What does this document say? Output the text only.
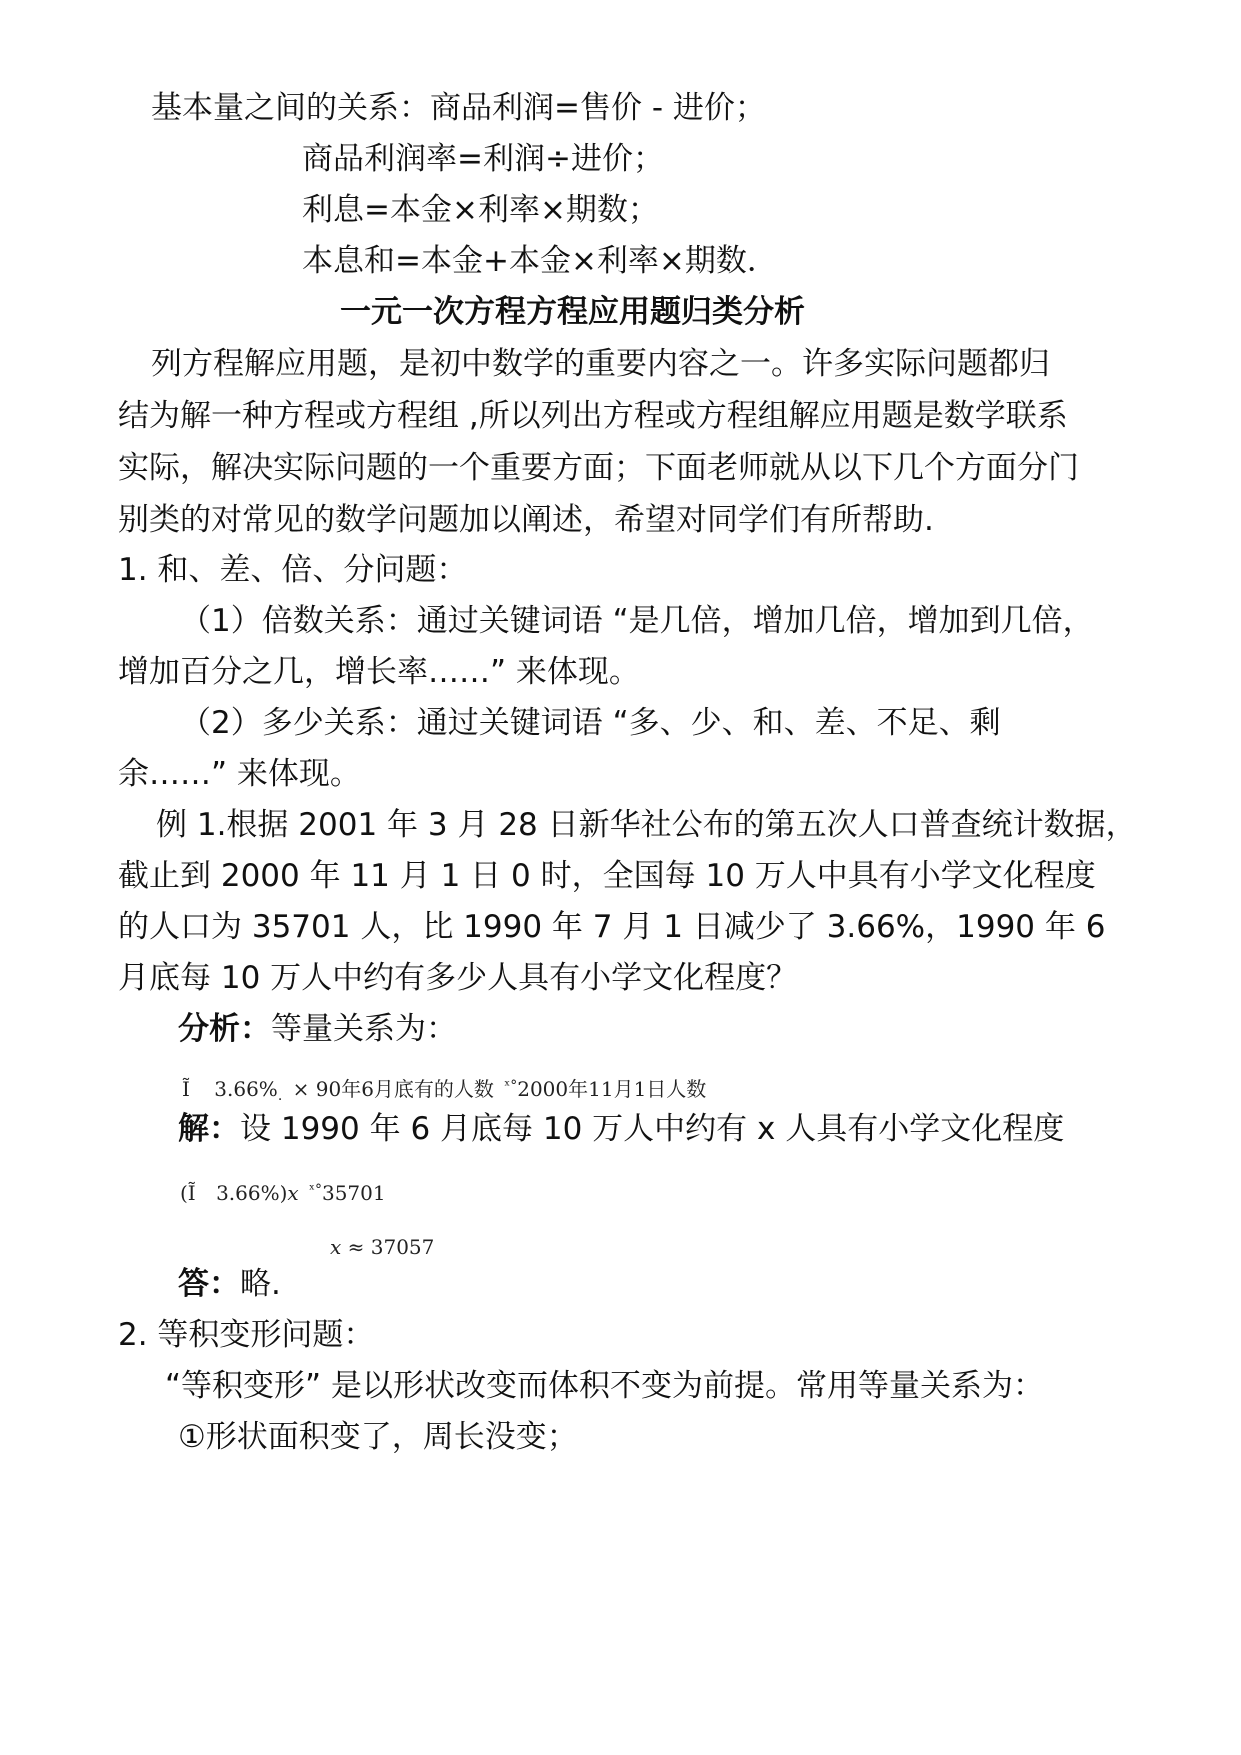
基本量之间的关系：商品利润=售价 - 进价；

商品利润率=利润÷进价；

利息=本金×利率×期数；

本息和=本金+本金×利率×期数．

一元一次方程方程应用题归类分析

列方程解应用题，是初中数学的重要内容之一。许多实际问题都归

结为解一种方程或方程组 ,所以列出方程或方程组解应用题是数学联系

实际，解决实际问题的一个重要方面；下面老师就从以下几个方面分门

别类的对常见的数学问题加以阐述，希望对同学们有所帮助.

1. 和、差、倍、分问题：

（1）倍数关系：通过关键词语 “是几倍，增加几倍，增加到几倍，

增加百分之几，增长率……” 来体现。

（2）多少关系：通过关键词语 “多、少、和、差、不足、剩

余……” 来体现。

例 1.根据 2001 年 3 月 28 日新华社公布的第五次人口普查统计数据，

截止到 2000 年 11 月 1 日 0 时，全国每 10 万人中具有小学文化程度

的人口为 35701 人，比 1990 年 7 月 1 日减少了 3.66%，1990 年 6

月底每 10 万人中约有多少人具有小学文化程度？

分析：等量关系为：

Ĩ $3.66\%_. \times 90$年6月底有的人数 $^{ˣ^\circ}$2000年11月1日人数

解：设 1990 年 6 月底每 10 万人中约有 x 人具有小学文化程度

(Ĩ 3.66%)x $^{ˣ^\circ}$35701
x ≈ 37057

答：略.

2. 等积变形问题：

“等积变形” 是以形状改变而体积不变为前提。常用等量关系为：

①形状面积变了，周长没变；
